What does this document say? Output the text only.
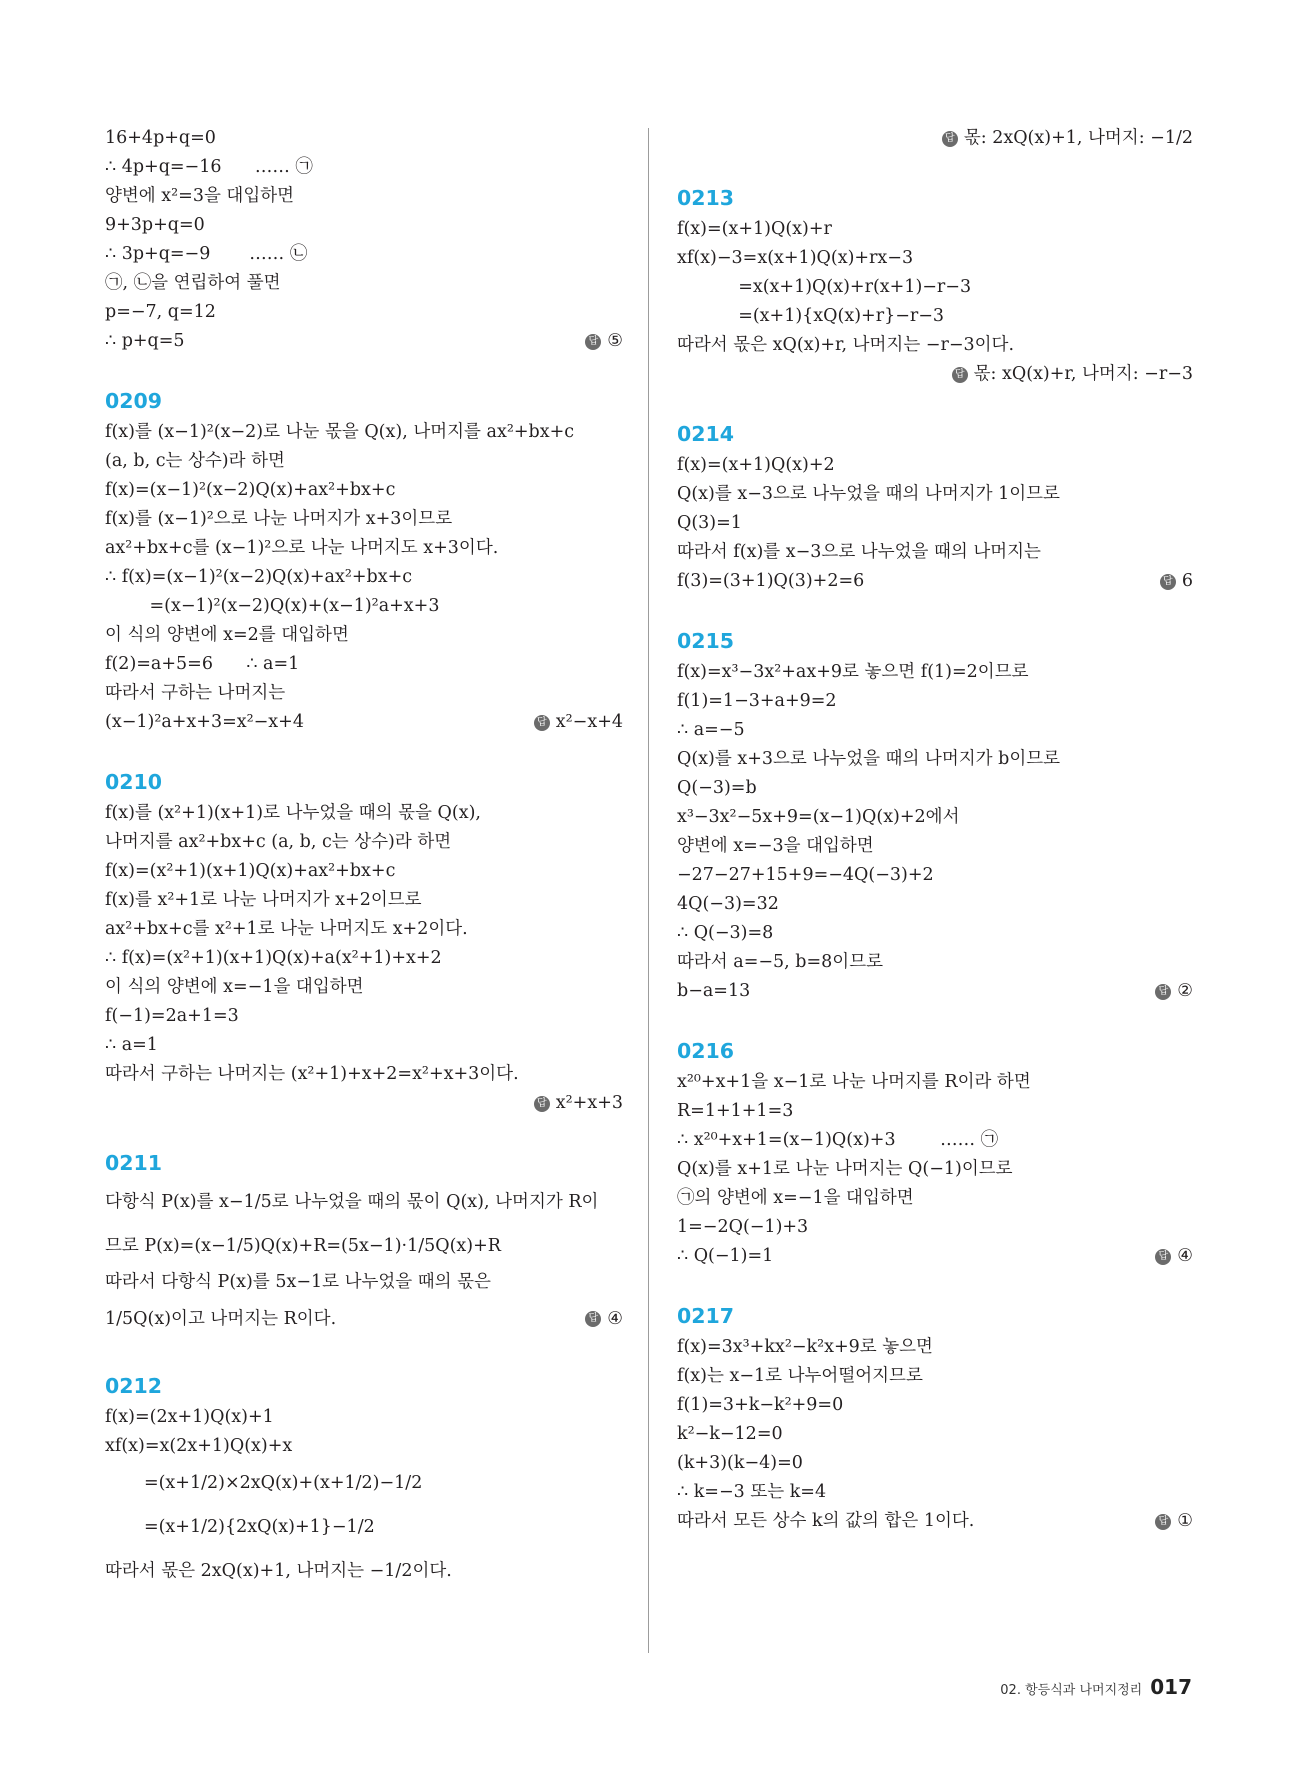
16+4p+q=0
∴ 4p+q=−16      …… ㉠
양변에 x²=3을 대입하면
9+3p+q=0
∴ 3p+q=−9       …… ㉡
㉠, ㉡을 연립하여 풀면
p=−7, q=12
∴ p+q=5	답 ⑤
0209
f(x)를 (x−1)²(x−2)로 나눈 몫을 Q(x), 나머지를 ax²+bx+c
(a, b, c는 상수)라 하면
f(x)=(x−1)²(x−2)Q(x)+ax²+bx+c
f(x)를 (x−1)²으로 나눈 나머지가 x+3이므로
ax²+bx+c를 (x−1)²으로 나눈 나머지도 x+3이다.
∴ f(x)=(x−1)²(x−2)Q(x)+ax²+bx+c
=(x−1)²(x−2)Q(x)+(x−1)²a+x+3
이 식의 양변에 x=2를 대입하면
f(2)=a+5=6      ∴ a=1
따라서 구하는 나머지는
(x−1)²a+x+3=x²−x+4	답 x²−x+4
0210
f(x)를 (x²+1)(x+1)로 나누었을 때의 몫을 Q(x),
나머지를 ax²+bx+c (a, b, c는 상수)라 하면
f(x)=(x²+1)(x+1)Q(x)+ax²+bx+c
f(x)를 x²+1로 나눈 나머지가 x+2이므로
ax²+bx+c를 x²+1로 나눈 나머지도 x+2이다.
∴ f(x)=(x²+1)(x+1)Q(x)+a(x²+1)+x+2
이 식의 양변에 x=−1을 대입하면
f(−1)=2a+1=3
∴ a=1
따라서 구하는 나머지는 (x²+1)+x+2=x²+x+3이다.
답 x²+x+3
0211
다항식 P(x)를 x−1/5로 나누었을 때의 몫이 Q(x), 나머지가 R이
므로 P(x)=(x−1/5)Q(x)+R=(5x−1)·1/5Q(x)+R
따라서 다항식 P(x)를 5x−1로 나누었을 때의 몫은
1/5Q(x)이고 나머지는 R이다.	답 ④
0212
f(x)=(2x+1)Q(x)+1
xf(x)=x(2x+1)Q(x)+x
=(x+1/2)×2xQ(x)+(x+1/2)−1/2
=(x+1/2){2xQ(x)+1}−1/2
따라서 몫은 2xQ(x)+1, 나머지는 −1/2이다.
답 몫: 2xQ(x)+1, 나머지: −1/2
0213
f(x)=(x+1)Q(x)+r
xf(x)−3=x(x+1)Q(x)+rx−3
=x(x+1)Q(x)+r(x+1)−r−3
=(x+1){xQ(x)+r}−r−3
따라서 몫은 xQ(x)+r, 나머지는 −r−3이다.
답 몫: xQ(x)+r, 나머지: −r−3
0214
f(x)=(x+1)Q(x)+2
Q(x)를 x−3으로 나누었을 때의 나머지가 1이므로
Q(3)=1
따라서 f(x)를 x−3으로 나누었을 때의 나머지는
f(3)=(3+1)Q(3)+2=6	답 6
0215
f(x)=x³−3x²+ax+9로 놓으면 f(1)=2이므로
f(1)=1−3+a+9=2
∴ a=−5
Q(x)를 x+3으로 나누었을 때의 나머지가 b이므로
Q(−3)=b
x³−3x²−5x+9=(x−1)Q(x)+2에서
양변에 x=−3을 대입하면
−27−27+15+9=−4Q(−3)+2
4Q(−3)=32
∴ Q(−3)=8
따라서 a=−5, b=8이므로
b−a=13	답 ②
0216
x²⁰+x+1을 x−1로 나눈 나머지를 R이라 하면
R=1+1+1=3
∴ x²⁰+x+1=(x−1)Q(x)+3        …… ㉠
Q(x)를 x+1로 나눈 나머지는 Q(−1)이므로
㉠의 양변에 x=−1을 대입하면
1=−2Q(−1)+3
∴ Q(−1)=1	답 ④
0217
f(x)=3x³+kx²−k²x+9로 놓으면
f(x)는 x−1로 나누어떨어지므로
f(1)=3+k−k²+9=0
k²−k−12=0
(k+3)(k−4)=0
∴ k=−3 또는 k=4
따라서 모든 상수 k의 값의 합은 1이다.	답 ①
02. 항등식과 나머지정리 017
